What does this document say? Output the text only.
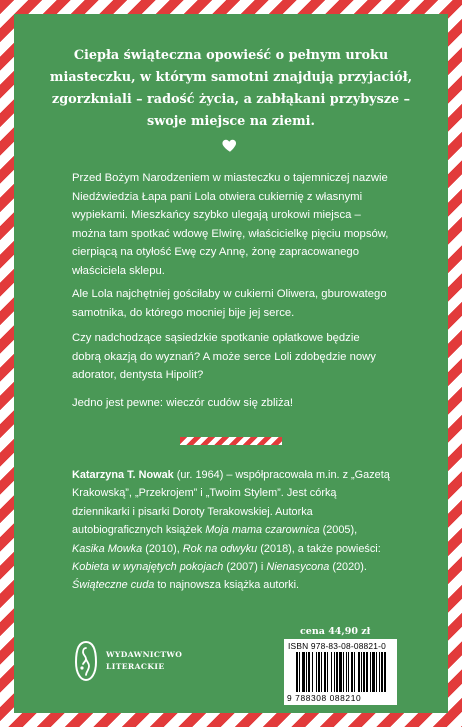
Ciepła świąteczna opowieść o pełnym uroku miasteczku, w którym samotni znajdują przyjaciół, zgorzkniali – radość życia, a zabłąkani przybysze – swoje miejsce na ziemi.
Przed Bożym Narodzeniem w miasteczku o tajemniczej nazwie Niedźwiedzia Łapa pani Lola otwiera cukiernię z własnymi wypiekami. Mieszkańcy szybko ulegają urokowi miejsca – można tam spotkać wdowę Elwirę, właścicielkę pięciu mopsów, cierpiącą na otyłość Ewę czy Annę, żonę zapracowanego właściciela sklepu.
Ale Lola najchętniej gościłaby w cukierni Oliwera, gburowatego samotnika, do którego mocniej bije jej serce.
Czy nadchodzące sąsiedzkie spotkanie opłatkowe będzie dobrą okazją do wyznań? A może serce Loli zdobędzie nowy adorator, dentysta Hipolit?
Jedno jest pewne: wieczór cudów się zbliża!
Katarzyna T. Nowak (ur. 1964) – współpracowała m.in. z „Gazetą Krakowską”, „Przekrojem” i „Twoim Stylem”. Jest córką dziennikarki i pisarki Doroty Terakowskiej. Autorka autobiograficznych książek Moja mama czarownica (2005), Kasika Mowka (2010), Rok na odwyku (2018), a także powieści: Kobieta w wynajętych pokojach (2007) i Nienasycona (2020). Świąteczne cuda to najnowsza książka autorki.
WYDAWNICTWO
LITERACKIE
cena 44,90 zł
ISBN 978-83-08-08821-0
9 788308 088210
